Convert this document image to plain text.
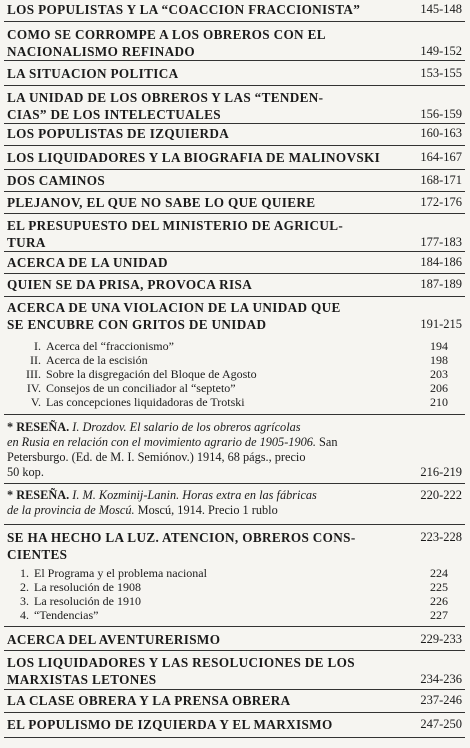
LOS POPULISTAS Y LA “COACCION FRACCIONISTA”	145-148
COMO SE CORROMPE A LOS OBREROS CON EL
NACIONALISMO REFINADO	149-152
LA SITUACION POLITICA	153-155
LA UNIDAD DE LOS OBREROS Y LAS “TENDEN-
CIAS” DE LOS INTELECTUALES	156-159
LOS POPULISTAS DE IZQUIERDA	160-163
LOS LIQUIDADORES Y LA BIOGRAFIA DE MALINOVSKI	164-167
DOS CAMINOS	168-171
PLEJANOV, EL QUE NO SABE LO QUE QUIERE	172-176
EL PRESUPUESTO DEL MINISTERIO DE AGRICUL-
TURA	177-183
ACERCA DE LA UNIDAD	184-186
QUIEN SE DA PRISA, PROVOCA RISA	187-189
ACERCA DE UNA VIOLACION DE LA UNIDAD QUE
SE ENCUBRE CON GRITOS DE UNIDAD	191-215
I. Acerca del “fraccionismo”	194
II. Acerca de la escisión	198
III. Sobre la disgregación del Bloque de Agosto	203
IV. Consejos de un conciliador al “septeto”	206
V. Las concepciones liquidadoras de Trotski	210
* RESEÑA. I. Drozdov. El salario de los obreros agrícolas
en Rusia en relación con el movimiento agrario de 1905-1906. San
Petersburgo. (Ed. de M. I. Semiónov.) 1914, 68 págs., precio
50 kop.	216-219
* RESEÑA. I. M. Kozminij-Lanin. Horas extra en las fábricas
de la provincia de Moscú. Moscú, 1914. Precio 1 rublo
220-222
SE HA HECHO LA LUZ. ATENCION, OBREROS CONS-
CIENTES
223-228
1. El Programa y el problema nacional	224
2. La resolución de 1908	225
3. La resolución de 1910	226
4. “Tendencias”	227
ACERCA DEL AVENTURERISMO	229-233
LOS LIQUIDADORES Y LAS RESOLUCIONES DE LOS
MARXISTAS LETONES	234-236
LA CLASE OBRERA Y LA PRENSA OBRERA	237-246
EL POPULISMO DE IZQUIERDA Y EL MARXISMO	247-250
